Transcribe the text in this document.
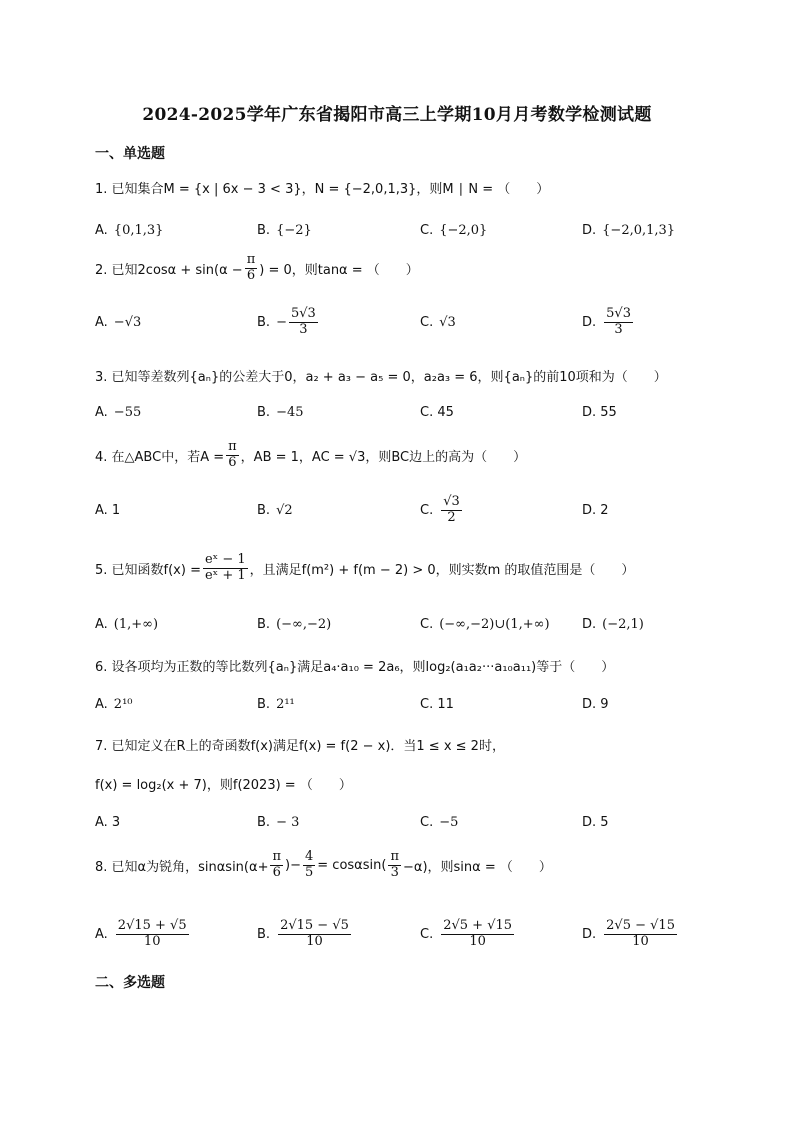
2024-2025学年广东省揭阳市高三上学期10月月考数学检测试题
一、单选题
1. 已知集合M = {x | 6x − 3 < 3}，N = {−2,0,1,3}，则M ∣ N = （　　）
A. {0,1,3}	B. {−2}	C. {−2,0}	D. {−2,0,1,3}
2. 已知$2\cos\alpha + \sin(\alpha - \frac{\pi}{6}$ ) = 0，则tanα = （　　）
A. −√3	B. − $\frac{5√3}{3}$	C. √3	D. $\frac{5√3}{3}$
3. 已知等差数列{aₙ}的公差大于0，a₂ + a₃ − a₅ = 0，a₂a₃ = 6，则{aₙ}的前10项和为（　　）
A. −55	B. −45	C. 45	D. 55
4. 在△ABC中，若$A = \frac{\pi}{6}$ ，AB = 1，AC = √3，则BC边上的高为（　　）
A. 1	B. √2	C. $\frac{√3}{2}$	D. 2
5. 已知函数$f(x) = \frac{\text{eˣ − 1}}{\text{eˣ + 1}}$ ，且满足f(m²) + f(m − 2) > 0，则实数m 的取值范围是（　　）
A. (1,+∞)	B. (−∞,−2)	C. (−∞,−2)∪(1,+∞) D. (−2,1)
6. 设各项均为正数的等比数列{aₙ}满足a₄·a₁₀ = 2a₆，则log₂(a₁a₂···a₁₀a₁₁)等于（　　）
A. 2¹⁰	B. 2¹¹	C. 11	D. 9
7. 已知定义在R上的奇函数f(x)满足f(x) = f(2 − x)．当1 ≤ x ≤ 2时，
f(x) = log₂(x + 7)，则f(2023) = （　　）
A. 3	B. − 3	C. −5	D. 5
8. 已知α为锐角，$\sin\alpha\sin(\alpha+ \frac{\pi}{6}$ )− $\frac{4}{5} = \cos\alpha\sin( \frac{\pi}{3} -\alpha)$，则sinα = （　　）
A. $\frac{2√15 + √5}{10}$	B. $\frac{2√15 - √5}{10}$	C. $\frac{2√5 + √15}{10}$	D. $\frac{2√5 - √15}{10}$
二、多选题
